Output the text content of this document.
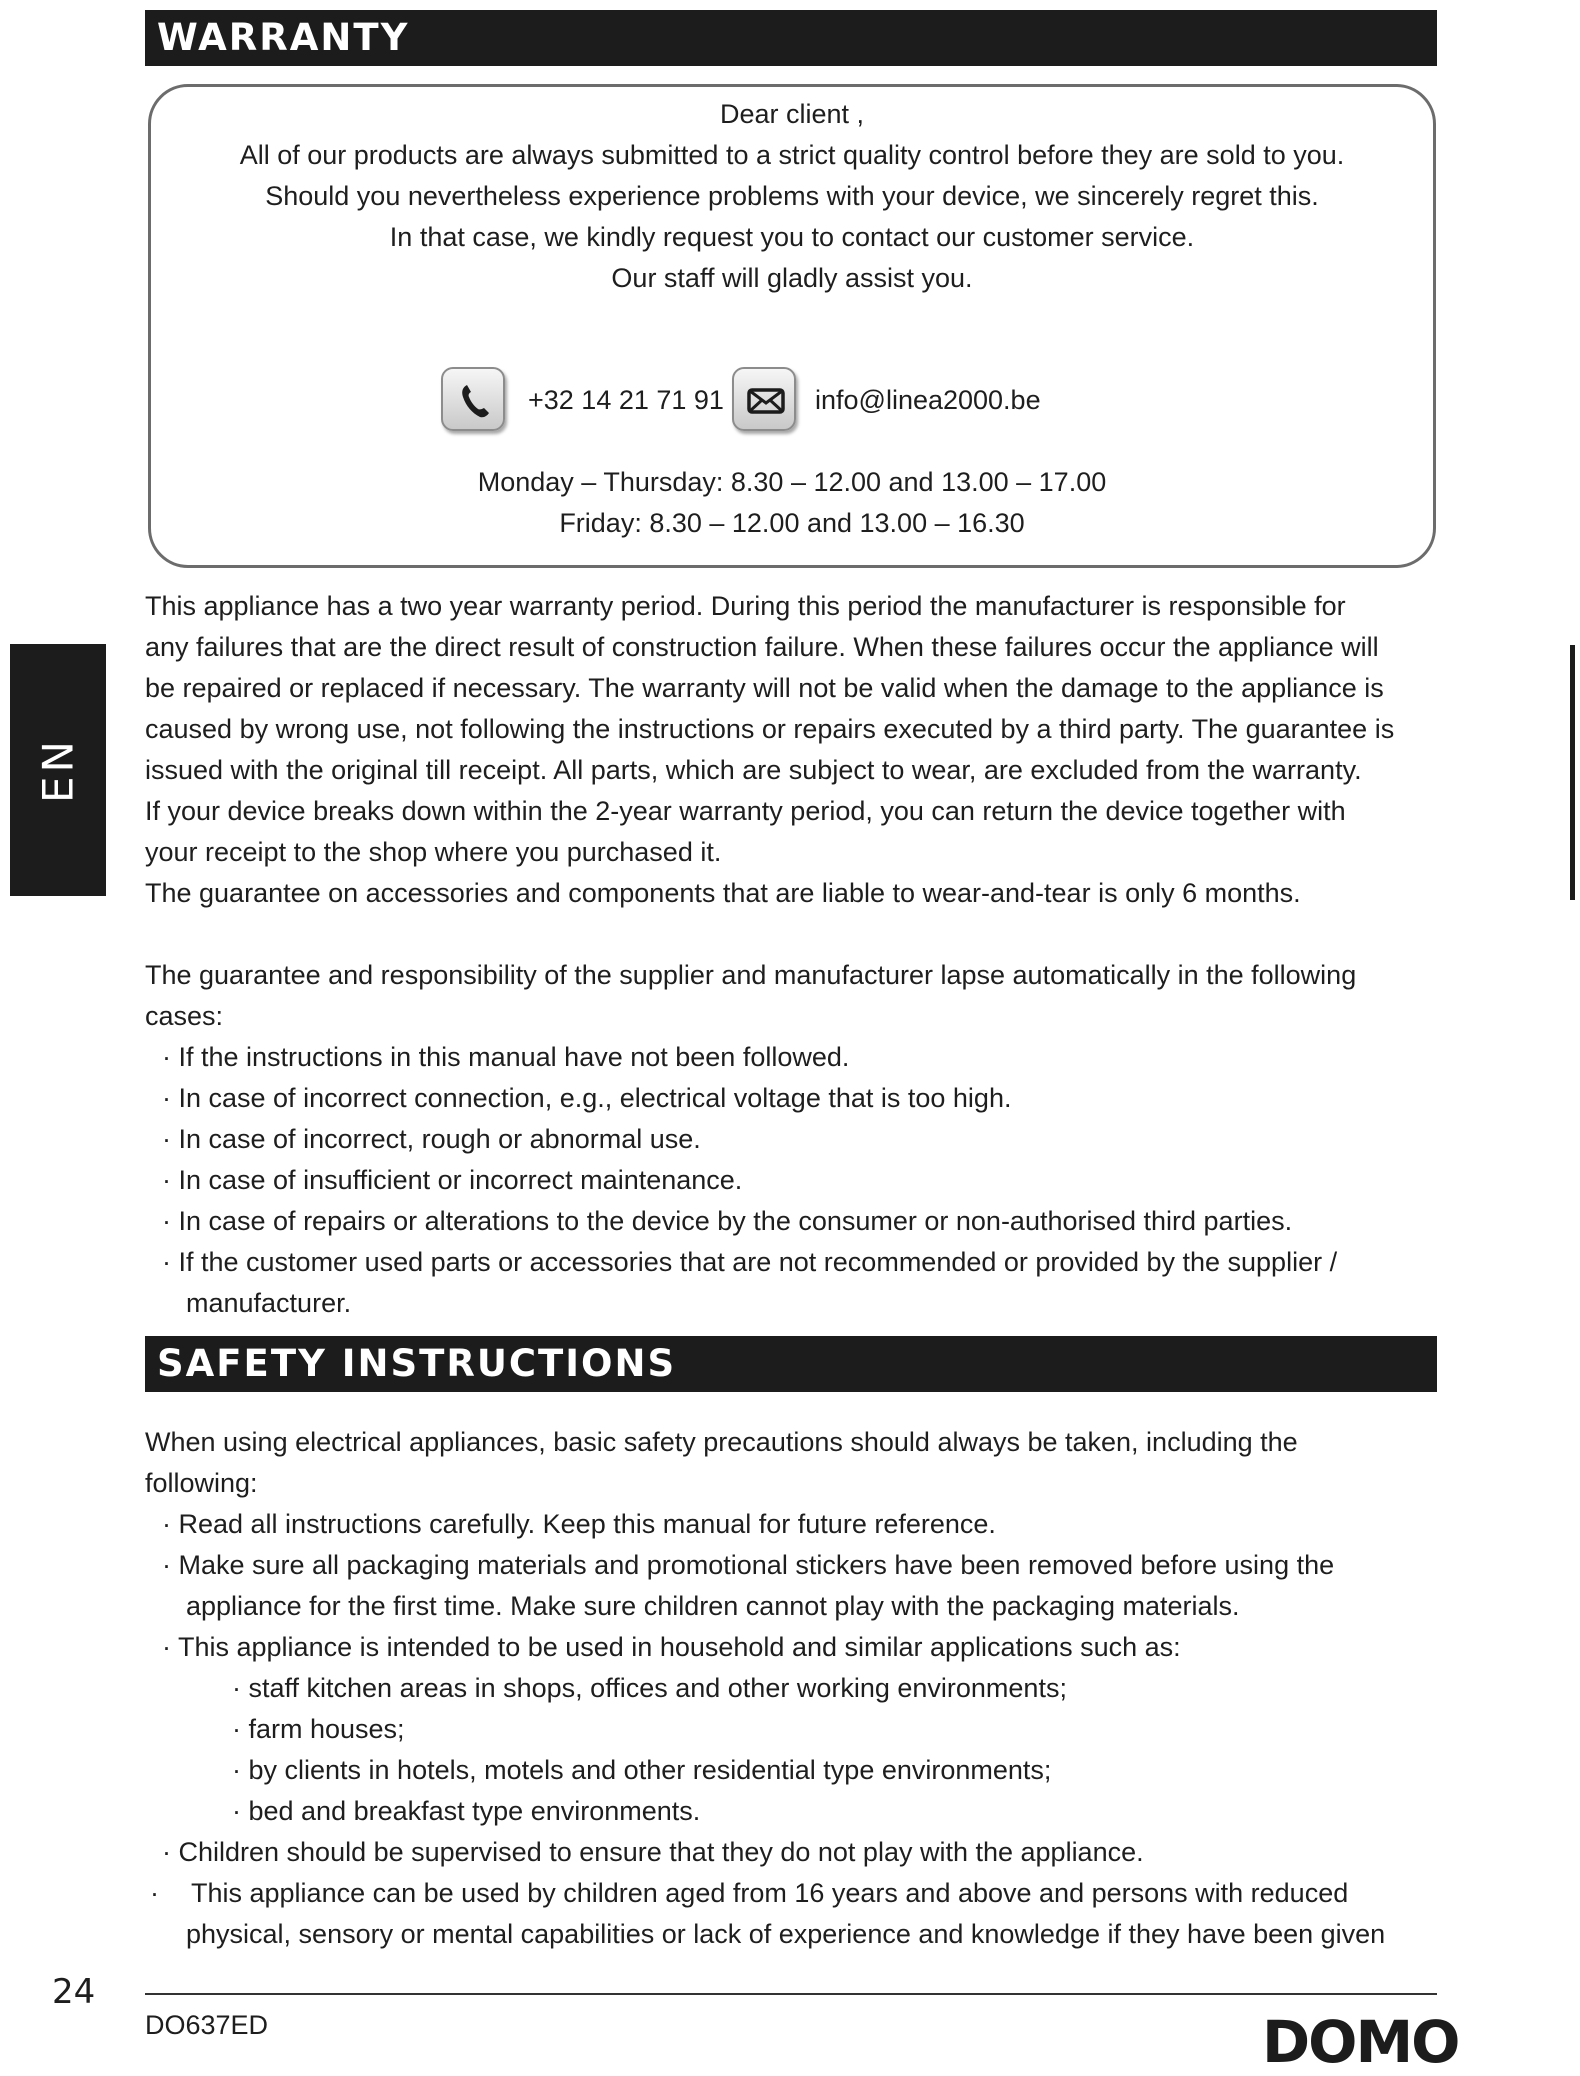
WARRANTY
Dear client ,
All of our products are always submitted to a strict quality control before they are sold to you.
Should you nevertheless experience problems with your device, we sincerely regret this.
In that case, we kindly request you to contact our customer service.
Our staff will gladly assist you.
+32 14 21 71 91	info@linea2000.be
Monday – Thursday: 8.30 – 12.00 and 13.00 – 17.00
Friday: 8.30 – 12.00 and 13.00 – 16.30
This appliance has a two year warranty period. During this period the manufacturer is responsible for
any failures that are the direct result of construction failure. When these failures occur the appliance will
be repaired or replaced if necessary. The warranty will not be valid when the damage to the appliance is
caused by wrong use, not following the instructions or repairs executed by a third party. The guarantee is
issued with the original till receipt. All parts, which are subject to wear, are excluded from the warranty.
If your device breaks down within the 2-year warranty period, you can return the device together with
your receipt to the shop where you purchased it.
The guarantee on accessories and components that are liable to wear-and-tear is only 6 months.
The guarantee and responsibility of the supplier and manufacturer lapse automatically in the following
cases:
· If the instructions in this manual have not been followed.
· In case of incorrect connection, e.g., electrical voltage that is too high.
· In case of incorrect, rough or abnormal use.
· In case of insufficient or incorrect maintenance.
· In case of repairs or alterations to the device by the consumer or non-authorised third parties.
· If the customer used parts or accessories that are not recommended or provided by the supplier /
manufacturer.
SAFETY INSTRUCTIONS
When using electrical appliances, basic safety precautions should always be taken, including the
following:
· Read all instructions carefully. Keep this manual for future reference.
· Make sure all packaging materials and promotional stickers have been removed before using the
appliance for the first time. Make sure children cannot play with the packaging materials.
· This appliance is intended to be used in household and similar applications such as:
· staff kitchen areas in shops, offices and other working environments;
· farm houses;
· by clients in hotels, motels and other residential type environments;
· bed and breakfast type environments.
· Children should be supervised to ensure that they do not play with the appliance.
· This appliance can be used by children aged from 16 years and above and persons with reduced
physical, sensory or mental capabilities or lack of experience and knowledge if they have been given
EN
24
DO637ED	DOMO
